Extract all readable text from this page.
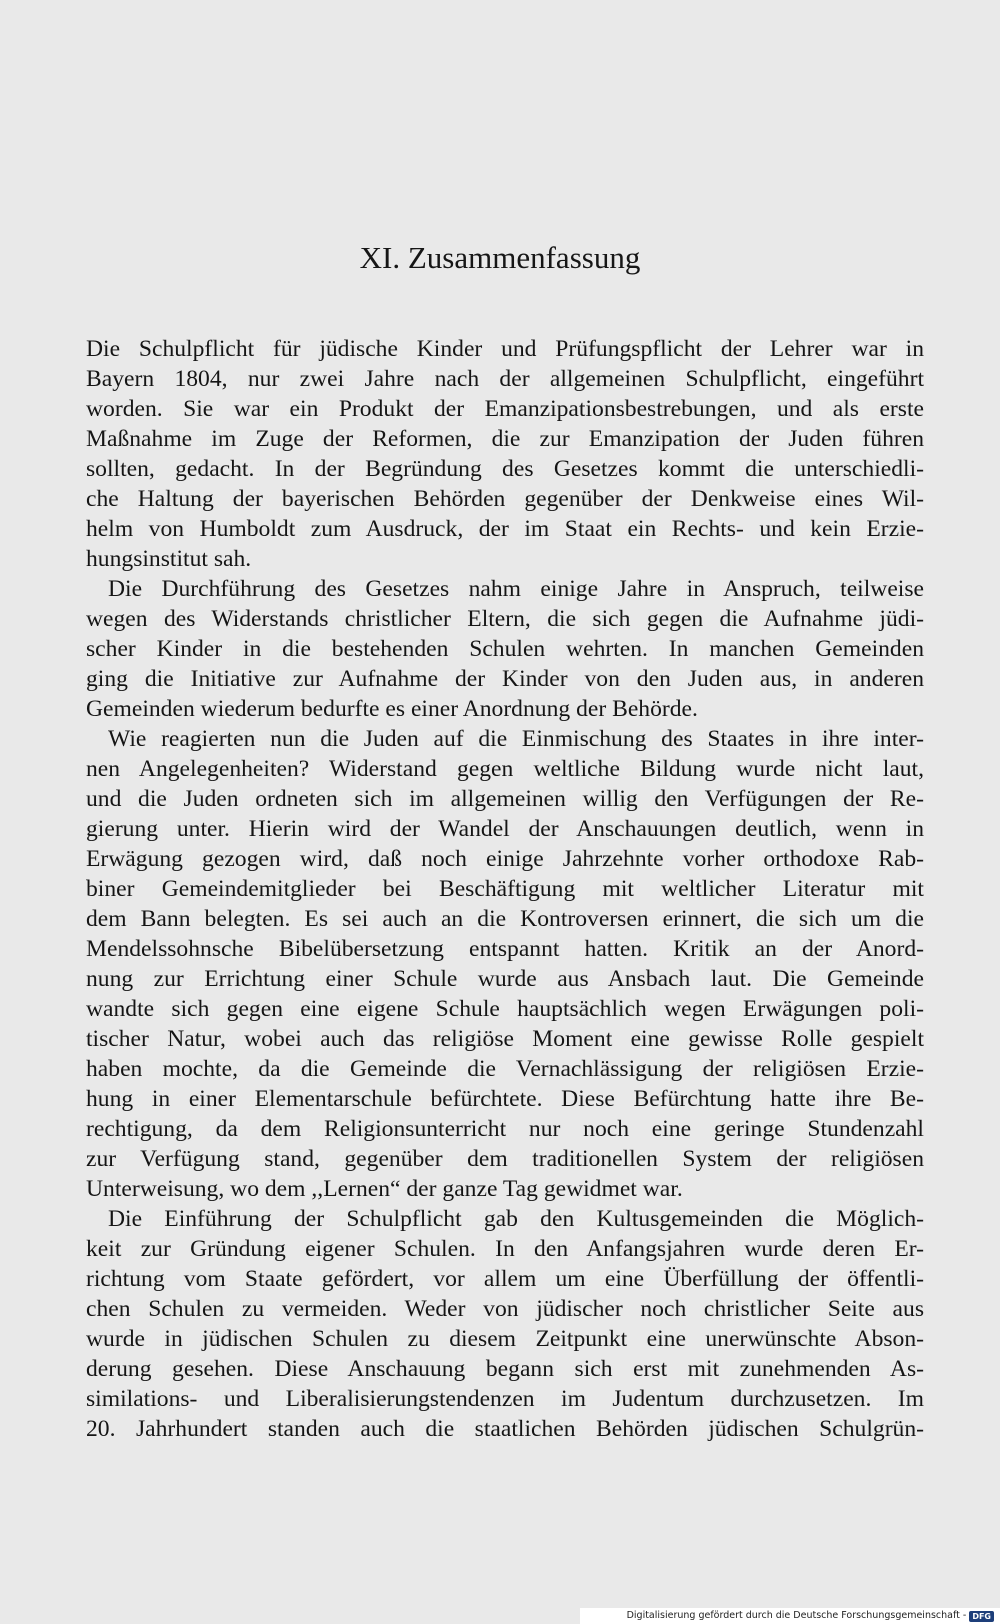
XI. Zusammenfassung
Die Schulpflicht für jüdische Kinder und Prüfungspflicht der Lehrer war in
Bayern 1804, nur zwei Jahre nach der allgemeinen Schulpflicht, eingeführt
worden. Sie war ein Produkt der Emanzipationsbestrebungen, und als erste
Maßnahme im Zuge der Reformen, die zur Emanzipation der Juden führen
sollten, gedacht. In der Begründung des Gesetzes kommt die unterschiedli-
che Haltung der bayerischen Behörden gegenüber der Denkweise eines Wil-
helm von Humboldt zum Ausdruck, der im Staat ein Rechts- und kein Erzie-
hungsinstitut sah.
Die Durchführung des Gesetzes nahm einige Jahre in Anspruch, teilweise
wegen des Widerstands christlicher Eltern, die sich gegen die Aufnahme jüdi-
scher Kinder in die bestehenden Schulen wehrten. In manchen Gemeinden
ging die Initiative zur Aufnahme der Kinder von den Juden aus, in anderen
Gemeinden wiederum bedurfte es einer Anordnung der Behörde.
Wie reagierten nun die Juden auf die Einmischung des Staates in ihre inter-
nen Angelegenheiten? Widerstand gegen weltliche Bildung wurde nicht laut,
und die Juden ordneten sich im allgemeinen willig den Verfügungen der Re-
gierung unter. Hierin wird der Wandel der Anschauungen deutlich, wenn in
Erwägung gezogen wird, daß noch einige Jahrzehnte vorher orthodoxe Rab-
biner Gemeindemitglieder bei Beschäftigung mit weltlicher Literatur mit
dem Bann belegten. Es sei auch an die Kontroversen erinnert, die sich um die
Mendelssohnsche Bibelübersetzung entspannt hatten. Kritik an der Anord-
nung zur Errichtung einer Schule wurde aus Ansbach laut. Die Gemeinde
wandte sich gegen eine eigene Schule hauptsächlich wegen Erwägungen poli-
tischer Natur, wobei auch das religiöse Moment eine gewisse Rolle gespielt
haben mochte, da die Gemeinde die Vernachlässigung der religiösen Erzie-
hung in einer Elementarschule befürchtete. Diese Befürchtung hatte ihre Be-
rechtigung, da dem Religionsunterricht nur noch eine geringe Stundenzahl
zur Verfügung stand, gegenüber dem traditionellen System der religiösen
Unterweisung, wo dem ,,Lernen“ der ganze Tag gewidmet war.
Die Einführung der Schulpflicht gab den Kultusgemeinden die Möglich-
keit zur Gründung eigener Schulen. In den Anfangsjahren wurde deren Er-
richtung vom Staate gefördert, vor allem um eine Überfüllung der öffentli-
chen Schulen zu vermeiden. Weder von jüdischer noch christlicher Seite aus
wurde in jüdischen Schulen zu diesem Zeitpunkt eine unerwünschte Abson-
derung gesehen. Diese Anschauung begann sich erst mit zunehmenden As-
similations- und Liberalisierungstendenzen im Judentum durchzusetzen. Im
20. Jahrhundert standen auch die staatlichen Behörden jüdischen Schulgrün-
Digitalisierung gefördert durch die Deutsche Forschungsgemeinschaft - DFG
